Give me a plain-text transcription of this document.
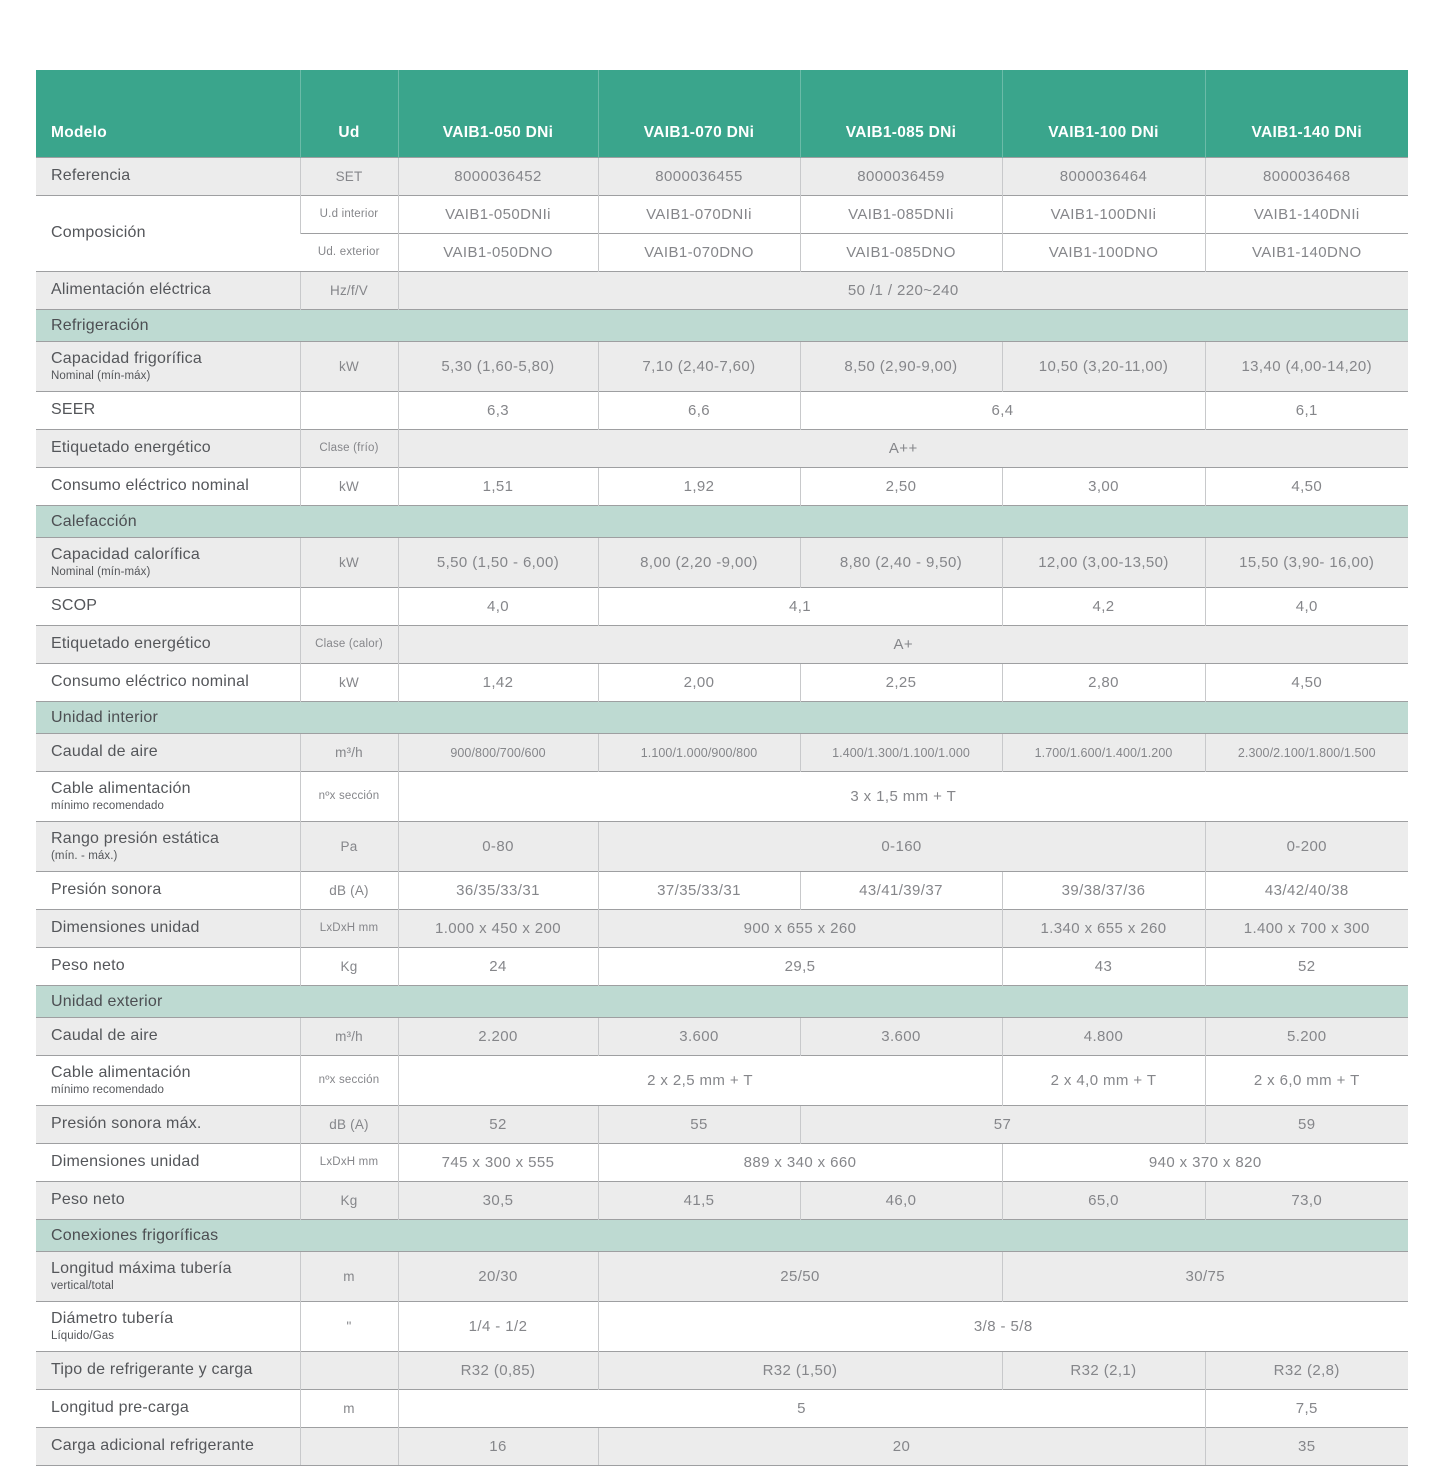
Modelo	Ud	VAIB1-050 DNi	VAIB1-070 DNi	VAIB1-085 DNi	VAIB1-100 DNi	VAIB1-140 DNi
Referencia	SET	8000036452	8000036455	8000036459	8000036464	8000036468
Composición	U.d interior	VAIB1-050DNIi	VAIB1-070DNIi	VAIB1-085DNIi	VAIB1-100DNIi	VAIB1-140DNIi
	Ud. exterior	VAIB1-050DNO	VAIB1-070DNO	VAIB1-085DNO	VAIB1-100DNO	VAIB1-140DNO
Alimentación eléctrica	Hz/f/V	50 /1 / 220~240				
Refrigeración						
Capacidad frigorífica
Nominal (mín-máx)	kW	5,30 (1,60-5,80)	7,10 (2,40-7,60)	8,50 (2,90-9,00)	10,50 (3,20-11,00)	13,40 (4,00-14,20)
SEER		6,3	6,6	6,4		6,1
Etiquetado energético	Clase (frío)	A++				
Consumo eléctrico nominal	kW	1,51	1,92	2,50	3,00	4,50
Calefacción						
Capacidad calorífica
Nominal (mín-máx)	kW	5,50 (1,50 - 6,00)	8,00 (2,20 -9,00)	8,80 (2,40 - 9,50)	12,00 (3,00-13,50)	15,50 (3,90- 16,00)
SCOP		4,0	4,1		4,2	4,0
Etiquetado energético	Clase (calor)	A+				
Consumo eléctrico nominal	kW	1,42	2,00	2,25	2,80	4,50
Unidad interior						
Caudal de aire	m³/h	900/800/700/600	1.100/1.000/900/800	1.400/1.300/1.100/1.000	1.700/1.600/1.400/1.200	2.300/2.100/1.800/1.500
Cable alimentación
mínimo recomendado	nºx sección	3 x 1,5 mm + T				
Rango presión estática
(mín. - máx.)	Pa	0-80	0-160			0-200
Presión sonora	dB (A)	36/35/33/31	37/35/33/31	43/41/39/37	39/38/37/36	43/42/40/38
Dimensiones unidad	LxDxH mm	1.000 x 450 x 200	900 x 655 x 260		1.340 x 655 x 260	1.400 x 700 x 300
Peso neto	Kg	24	29,5		43	52
Unidad exterior						
Caudal de aire	m³/h	2.200	3.600	3.600	4.800	5.200
Cable alimentación
mínimo recomendado	nºx sección	2 x 2,5 mm + T			2 x 4,0 mm + T	2 x 6,0 mm + T
Presión sonora máx.	dB (A)	52	55	57		59
Dimensiones unidad	LxDxH mm	745 x 300 x 555	889 x 340 x 660		940 x 370 x 820	
Peso neto	Kg	30,5	41,5	46,0	65,0	73,0
Conexiones frigoríficas						
Longitud máxima tubería
vertical/total	m	20/30	25/50		30/75	
Diámetro tubería
Líquido/Gas	"	1/4 - 1/2	3/8 - 5/8			
Tipo de refrigerante y carga		R32 (0,85)	R32 (1,50)		R32 (2,1)	R32 (2,8)
Longitud pre-carga	m	5				7,5
Carga adicional refrigerante		16	20			35
